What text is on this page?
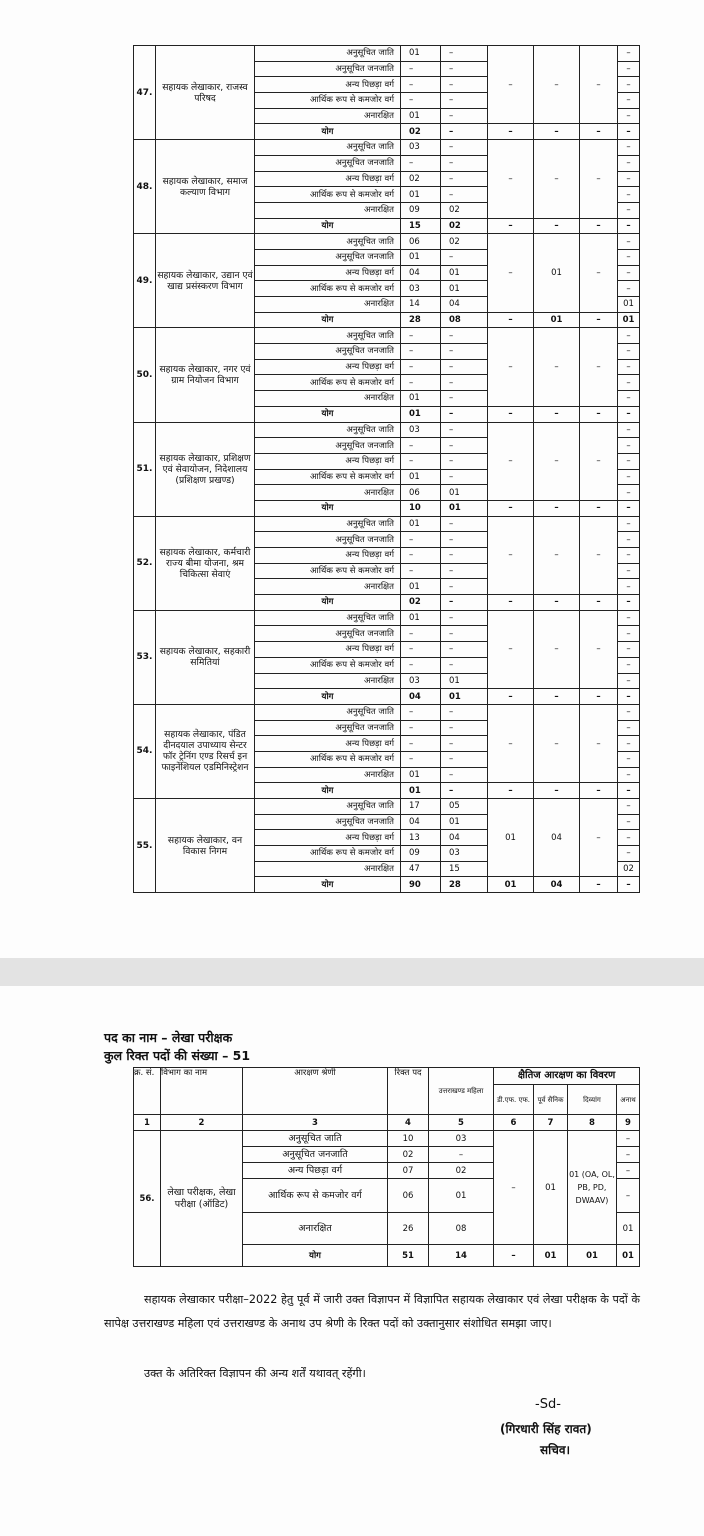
47.	सहायक लेखाकार, राजस्व परिषद	अनुसूचित जाति	01	–	–	–	–	–
		अनुसूचित जनजाति	–	–				–
		अन्य पिछड़ा वर्ग	–	–				–
		आर्थिक रूप से कमजोर वर्ग	–	–				–
		अनारक्षित	01	–				–
		योग	02	–	–	–	–	–
48.	सहायक लेखाकार, समाज कल्याण विभाग	अनुसूचित जाति	03	–	–	–	–	–
		अनुसूचित जनजाति	–	–				–
		अन्य पिछड़ा वर्ग	02	–				–
		आर्थिक रूप से कमजोर वर्ग	01	–				–
		अनारक्षित	09	02				–
		योग	15	02	–	–	–	–
49.	सहायक लेखाकार, उद्यान एवं खाद्य प्रसंस्करण विभाग	अनुसूचित जाति	06	02	–	01	–	–
		अनुसूचित जनजाति	01	–				–
		अन्य पिछड़ा वर्ग	04	01				–
		आर्थिक रूप से कमजोर वर्ग	03	01				–
		अनारक्षित	14	04				01
		योग	28	08	–	01	–	01
50.	सहायक लेखाकार, नगर एवं ग्राम नियोजन विभाग	अनुसूचित जाति	–	–	–	–	–	–
		अनुसूचित जनजाति	–	–				–
		अन्य पिछड़ा वर्ग	–	–				–
		आर्थिक रूप से कमजोर वर्ग	–	–				–
		अनारक्षित	01	–				–
		योग	01	–	–	–	–	–
51.	सहायक लेखाकार, प्रशिक्षण एवं सेवायोजन, निदेशालय (प्रशिक्षण प्रखण्ड)	अनुसूचित जाति	03	–	–	–	–	–
		अनुसूचित जनजाति	–	–				–
		अन्य पिछड़ा वर्ग	–	–				–
		आर्थिक रूप से कमजोर वर्ग	01	–				–
		अनारक्षित	06	01				–
		योग	10	01	–	–	–	–
52.	सहायक लेखाकार, कर्मचारी राज्य बीमा योजना, श्रम चिकित्सा सेवाएं	अनुसूचित जाति	01	–	–	–	–	–
		अनुसूचित जनजाति	–	–				–
		अन्य पिछड़ा वर्ग	–	–				–
		आर्थिक रूप से कमजोर वर्ग	–	–				–
		अनारक्षित	01	–				–
		योग	02	–	–	–	–	–
53.	सहायक लेखाकार, सहकारी समितियां	अनुसूचित जाति	01	–	–	–	–	–
		अनुसूचित जनजाति	–	–				–
		अन्य पिछड़ा वर्ग	–	–				–
		आर्थिक रूप से कमजोर वर्ग	–	–				–
		अनारक्षित	03	01				–
		योग	04	01	–	–	–	–
54.	सहायक लेखाकार, पंडित दीनदयाल उपाध्याय सेन्टर फॉर ट्रेनिंग एण्ड रिसर्च इन फाइनेंशियल एडमिनिस्ट्रेशन	अनुसूचित जाति	–	–	–	–	–	–
		अनुसूचित जनजाति	–	–				–
		अन्य पिछड़ा वर्ग	–	–				–
		आर्थिक रूप से कमजोर वर्ग	–	–				–
		अनारक्षित	01	–				–
		योग	01	–	–	–	–	–
55.	सहायक लेखाकार, वन विकास निगम	अनुसूचित जाति	17	05	01	04	–	–
		अनुसूचित जनजाति	04	01				–
		अन्य पिछड़ा वर्ग	13	04				–
		आर्थिक रूप से कमजोर वर्ग	09	03				–
		अनारक्षित	47	15				02
		योग	90	28	01	04	–	–
पद का नाम – लेखा परीक्षक
कुल रिक्त पदों की संख्या – 51
क्र. सं.	विभाग का नाम	आरक्षण श्रेणी	रिक्त पद	उत्तराखण्ड महिला	क्षैतिज आरक्षण का विवरण			
					डी.एफ. एफ.	पूर्व सैनिक	दिव्यांग	अनाथ
1	2	3	4	5	6	7	8	9
56.	लेखा परीक्षक, लेखा परीक्षा (ऑडिट)	अनुसूचित जाति	10	03	–	01	01 (OA, OL, PB, PD, DWAAV)	–
		अनुसूचित जनजाति	02	–				–
		अन्य पिछड़ा वर्ग	07	02				–
		आर्थिक रूप से कमजोर वर्ग	06	01				–
		अनारक्षित	26	08				01
		योग	51	14	–	01	01	01
सहायक लेखाकार परीक्षा–2022 हेतु पूर्व में जारी उक्त विज्ञापन में विज्ञापित सहायक लेखाकार एवं लेखा परीक्षक के पदों के सापेक्ष उत्तराखण्ड महिला एवं उत्तराखण्ड के अनाथ उप श्रेणी के रिक्त पदों को उक्तानुसार संशोधित समझा जाए।
उक्त के अतिरिक्त विज्ञापन की अन्य शर्तें यथावत् रहेंगी।
-Sd-
(गिरधारी सिंह रावत)
सचिव।
